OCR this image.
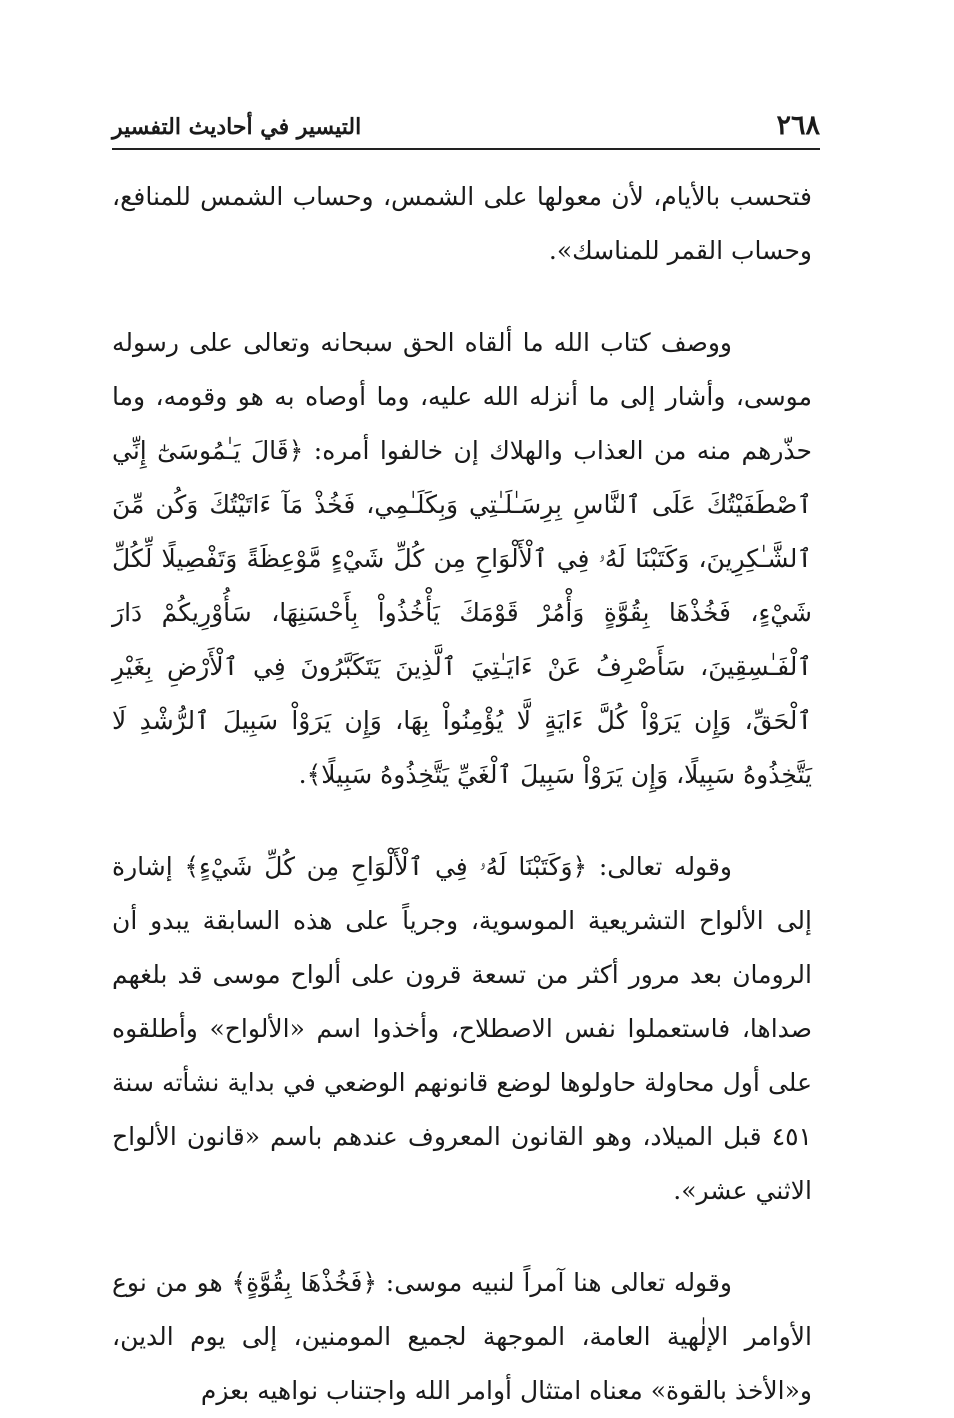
٢٦٨
التيسير في أحاديث التفسير

فتحسب بالأيام، لأن معولها على الشمس، وحساب الشمس للمنافع، وحساب القمر للمناسك».

ووصف كتاب الله ما ألقاه الحق سبحانه وتعالى على رسوله موسى، وأشار إلى ما أنزله الله عليه، وما أوصاه به هو وقومه، وما حذّرهم منه من العذاب والهلاك إن خالفوا أمره: ﴿قَالَ يَـٰمُوسَىٰٓ إِنِّي ٱصْطَفَيْتُكَ عَلَى ٱلنَّاسِ بِرِسَـٰلَـٰتِي وَبِكَلَـٰمِي، فَخُذْ مَآ ءَاتَيْتُكَ وَكُن مِّنَ ٱلشَّـٰكِرِينَ، وَكَتَبْنَا لَهُۥ فِي ٱلْأَلْوَاحِ مِن كُلِّ شَيْءٍ مَّوْعِظَةً وَتَفْصِيلًا لِّكُلِّ شَيْءٍ، فَخُذْهَا بِقُوَّةٍ وَأْمُرْ قَوْمَكَ يَأْخُذُواْ بِأَحْسَنِهَا، سَأُوْرِيكُمْ دَارَ ٱلْفَـٰسِقِينَ، سَأَصْرِفُ عَنْ ءَايَـٰتِيَ ٱلَّذِينَ يَتَكَبَّرُونَ فِي ٱلْأَرْضِ بِغَيْرِ ٱلْحَقِّ، وَإِن يَرَوْاْ كُلَّ ءَايَةٍ لَّا يُؤْمِنُواْ بِهَا، وَإِن يَرَوْاْ سَبِيلَ ٱلرُّشْدِ لَا يَتَّخِذُوهُ سَبِيلًا، وَإِن يَرَوْاْ سَبِيلَ ٱلْغَيِّ يَتَّخِذُوهُ سَبِيلًا﴾.

وقوله تعالى: ﴿وَكَتَبْنَا لَهُۥ فِي ٱلْأَلْوَاحِ مِن كُلِّ شَيْءٍ﴾ إشارة إلى الألواح التشريعية الموسوية، وجرياً على هذه السابقة يبدو أن الرومان بعد مرور أكثر من تسعة قرون على ألواح موسى قد بلغهم صداها، فاستعملوا نفس الاصطلاح، وأخذوا اسم «الألواح» وأطلقوه على أول محاولة حاولوها لوضع قانونهم الوضعي في بداية نشأته سنة ٤٥١ قبل الميلاد، وهو القانون المعروف عندهم باسم «قانون الألواح الاثني عشر».

وقوله تعالى هنا آمراً لنبيه موسى: ﴿فَخُذْهَا بِقُوَّةٍ﴾ هو من نوع الأوامر الإلٰهية العامة، الموجهة لجميع المومنين، إلى يوم الدين، و«الأخذ بالقوة» معناه امتثال أوامر الله واجتناب نواهيه بعزم
